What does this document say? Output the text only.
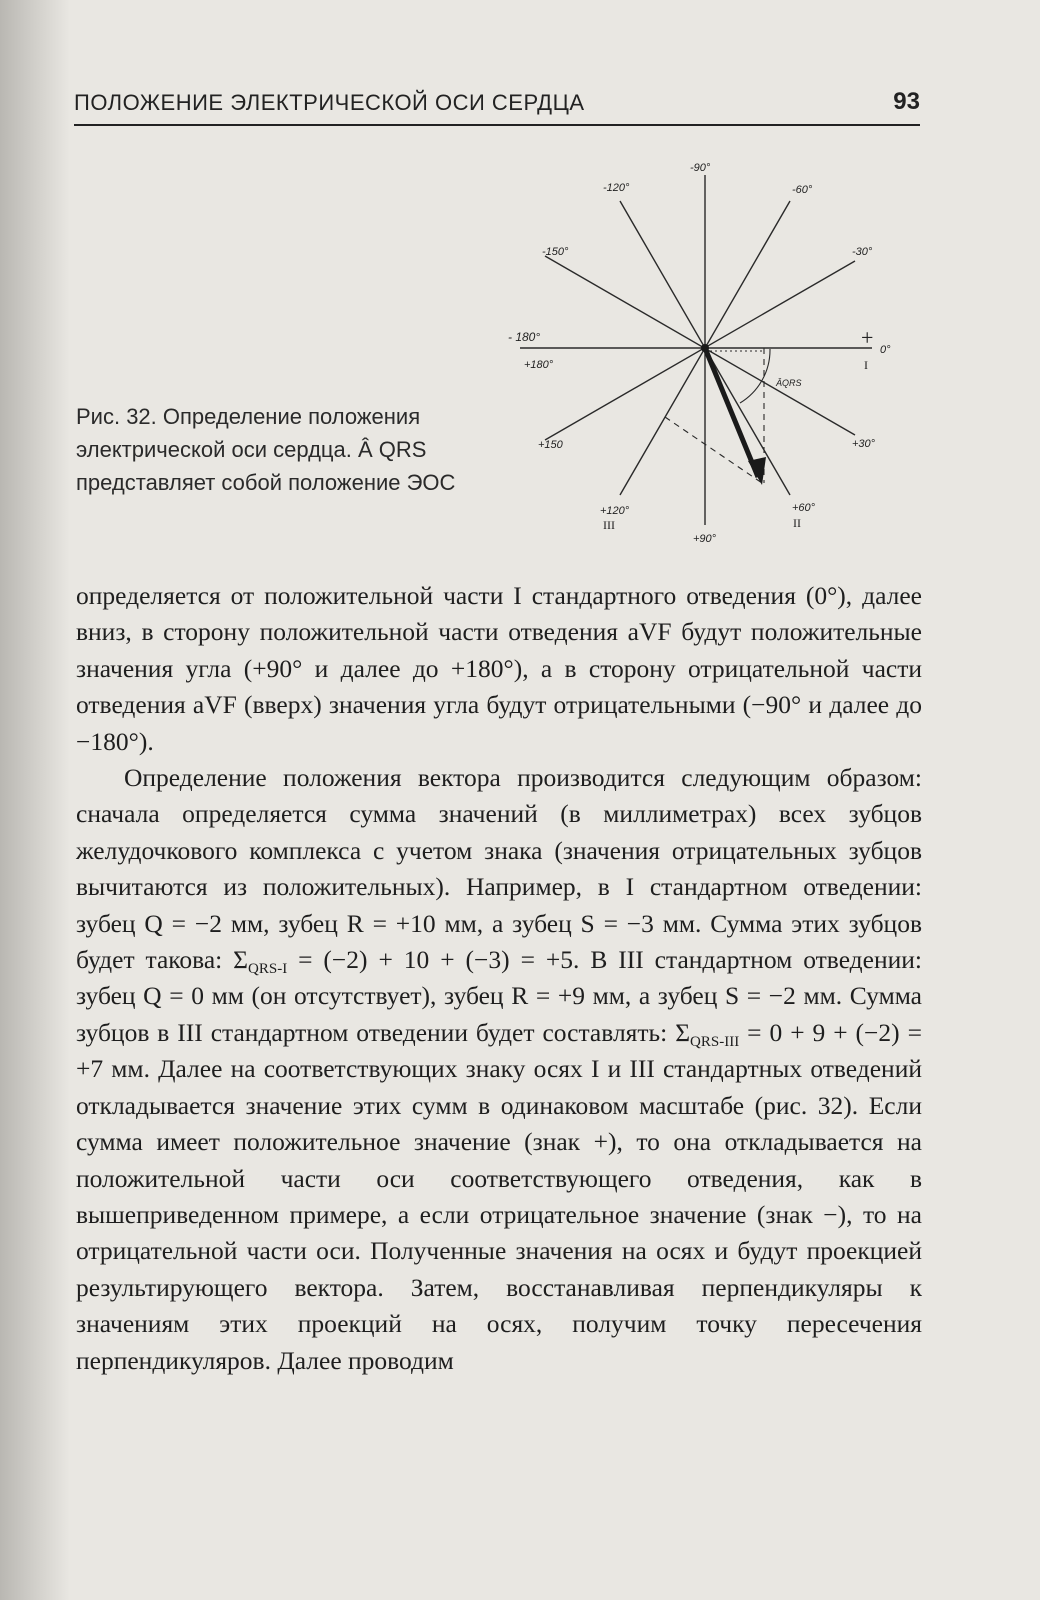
ПОЛОЖЕНИЕ ЭЛЕКТРИЧЕСКОЙ ОСИ СЕРДЦА	93
Рис. 32. Определение положения электрической оси сердца. Â QRS представляет собой положение ЭОС
+
-90°
-120°	-60°
-150°	-30°
- 180°
+180°
0°
+150	+30°
+120°	+60°
+90°
ÂQRS
I
II
III

определяется от положительной части I стандартного отведения (0°), далее вниз, в сторону положительной части отведения aVF будут положительные значения угла (+90° и далее до +180°), а в сторону отрицательной части отведения aVF (вверх) значения угла будут отрицательными (−90° и далее до −180°).

Определение положения вектора производится следующим образом: сначала определяется сумма значений (в миллиметрах) всех зубцов желудочкового комплекса с учетом знака (значения отрицательных зубцов вычитаются из положительных). Например, в I стандартном отведении: зубец Q = −2 мм, зубец R = +10 мм, а зубец S = −3 мм. Сумма этих зубцов будет такова: $\Sigma_{QRS-I} = (-2) + 10 + (-3) = +5$. В III стандартном отведении: зубец Q = 0 мм (он отсутствует), зубец R = +9 мм, а зубец S = −2 мм. Сумма зубцов в III стандартном отведении будет составлять: $\Sigma_{QRS-III} = 0 + 9 + (-2) = +7$ мм. Далее на соответствующих знаку осях I и III стандартных отведений откладывается значение этих сумм в одинаковом масштабе (рис. 32). Если сумма имеет положительное значение (знак +), то она откладывается на положительной части оси соответствующего отведения, как в вышеприведенном примере, а если отрицательное значение (знак −), то на отрицательной части оси. Полученные значения на осях и будут проекцией результирующего вектора. Затем, восстанавливая перпендикуляры к значениям этих проекций на осях, получим точку пересечения перпендикуляров. Далее проводим
